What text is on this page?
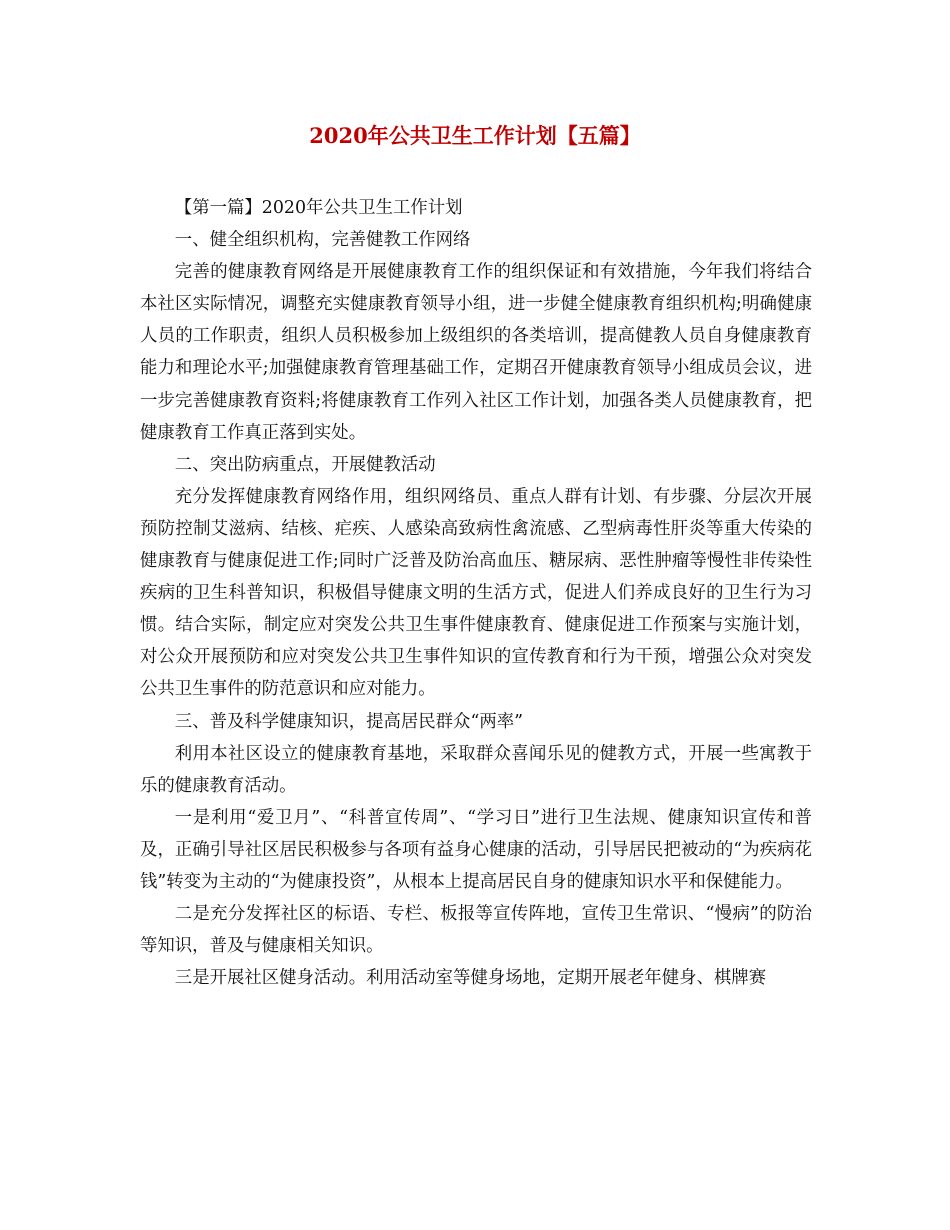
2020年公共卫生工作计划【五篇】

【第一篇】2020年公共卫生工作计划

一、健全组织机构，完善健教工作网络

完善的健康教育网络是开展健康教育工作的组织保证和有效措施，今年我们将结合本社区实际情况，调整充实健康教育领导小组，进一步健全健康教育组织机构;明确健康人员的工作职责，组织人员积极参加上级组织的各类培训，提高健教人员自身健康教育能力和理论水平;加强健康教育管理基础工作，定期召开健康教育领导小组成员会议，进一步完善健康教育资料;将健康教育工作列入社区工作计划，加强各类人员健康教育，把健康教育工作真正落到实处。

二、突出防病重点，开展健教活动

充分发挥健康教育网络作用，组织网络员、重点人群有计划、有步骤、分层次开展预防控制艾滋病、结核、疟疾、人感染高致病性禽流感、乙型病毒性肝炎等重大传染的健康教育与健康促进工作;同时广泛普及防治高血压、糖尿病、恶性肿瘤等慢性非传染性疾病的卫生科普知识，积极倡导健康文明的生活方式，促进人们养成良好的卫生行为习惯。结合实际，制定应对突发公共卫生事件健康教育、健康促进工作预案与实施计划，对公众开展预防和应对突发公共卫生事件知识的宣传教育和行为干预，增强公众对突发公共卫生事件的防范意识和应对能力。

三、普及科学健康知识，提高居民群众“两率”

利用本社区设立的健康教育基地，采取群众喜闻乐见的健教方式，开展一些寓教于乐的健康教育活动。

一是利用“爱卫月”、“科普宣传周”、“学习日”进行卫生法规、健康知识宣传和普及，正确引导社区居民积极参与各项有益身心健康的活动，引导居民把被动的“为疾病花钱”转变为主动的“为健康投资”，从根本上提高居民自身的健康知识水平和保健能力。

二是充分发挥社区的标语、专栏、板报等宣传阵地，宣传卫生常识、“慢病”的防治等知识，普及与健康相关知识。

三是开展社区健身活动。利用活动室等健身场地，定期开展老年健身、棋牌赛
